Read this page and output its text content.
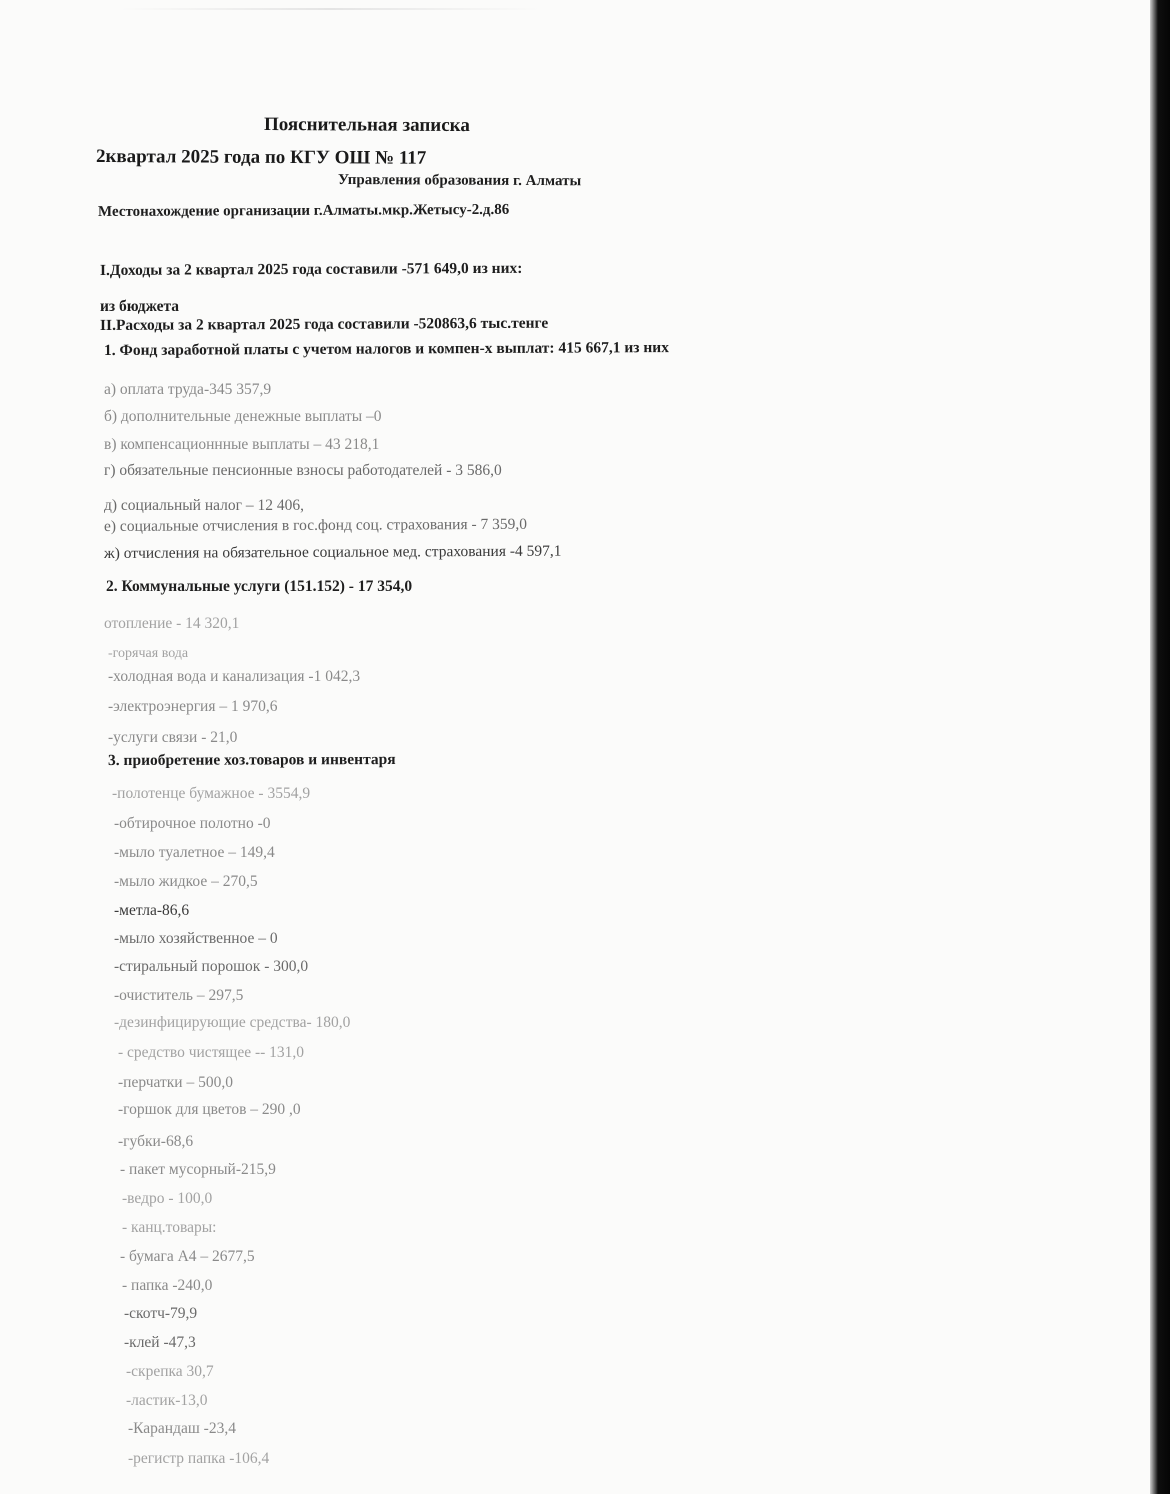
Пояснительная записка
2квартал 2025 года по КГУ ОШ № 117
Управления образования г. Алматы
Местонахождение организации г.Алматы.мкр.Жетысу-2.д.86
I.Доходы за 2 квартал 2025 года составили -571 649,0 из них:
из бюджета
II.Расходы за 2 квартал 2025 года составили -520863,6 тыс.тенге
1. Фонд заработной платы с учетом налогов и компен-х выплат: 415 667,1 из них
а) оплата труда-345 357,9
б) дополнительные денежные выплаты –0
в) компенсационнные выплаты – 43 218,1
г) обязательные пенсионные взносы работодателей - 3 586,0
д) социальный налог – 12 406,
е) социальные отчисления в гос.фонд соц. страхования - 7 359,0
ж) отчисления на обязательное социальное мед. страхования -4 597,1
2. Коммунальные услуги (151.152) - 17 354,0
отопление - 14 320,1
-горячая вода
-холодная вода и канализация -1 042,3
-электроэнергия – 1 970,6
-услуги связи - 21,0
3. приобретение хоз.товаров и инвентаря
-полотенце бумажное - 3554,9
-обтирочное полотно -0
-мыло туалетное – 149,4
-мыло жидкое – 270,5
-метла-86,6
-мыло хозяйственное – 0
-стиральный порошок - 300,0
-очиститель – 297,5
-дезинфицирующие средства- 180,0
- средство чистящее -- 131,0
-перчатки – 500,0
-горшок для цветов – 290 ,0
-губки-68,6
- пакет мусорный-215,9
-ведро - 100,0
- канц.товары:
- бумага А4 – 2677,5
- папка -240,0
-скотч-79,9
-клей -47,3
-скрепка 30,7
-ластик-13,0
-Карандаш -23,4
-регистр папка -106,4
